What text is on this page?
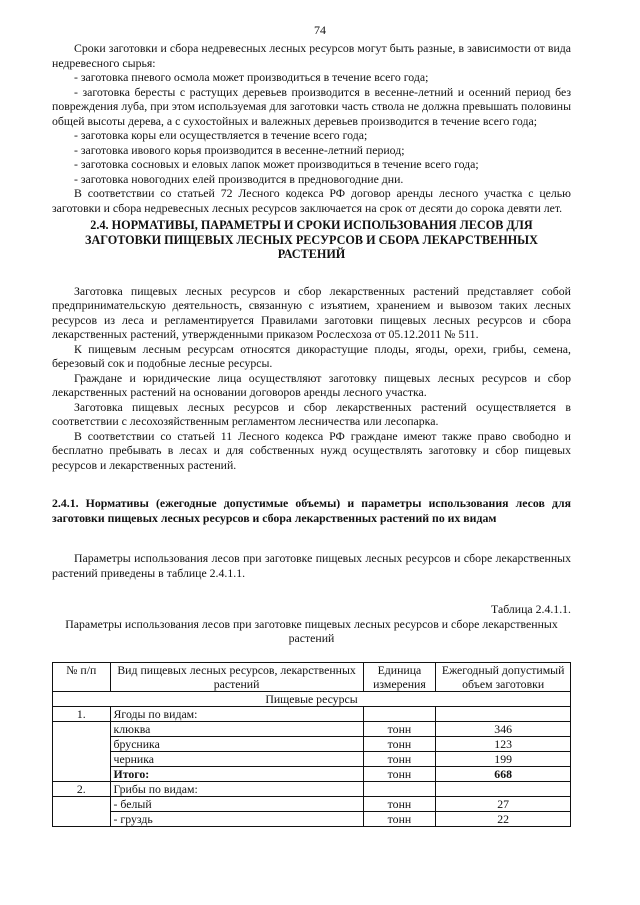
74

Сроки заготовки и сбора недревесных лесных ресурсов могут быть разные, в зависимости от вида недревесного сырья:

- заготовка пневого осмола может производиться в течение всего года;

- заготовка бересты с растущих деревьев производится в весенне-летний и осенний период без повреждения луба, при этом используемая для заготовки часть ствола не должна превышать половины общей высоты дерева, а с сухостойных и валежных деревьев производится в течение всего года;

- заготовка коры ели осуществляется в течение всего года;

- заготовка ивового корья производится в весенне-летний период;

- заготовка сосновых и еловых лапок может производиться в течение всего года;

- заготовка новогодних елей производится в предновогодние дни.

В соответствии со статьей 72 Лесного кодекса РФ договор аренды лесного участка с целью заготовки и сбора недревесных лесных ресурсов заключается на срок от десяти до сорока девяти лет.

2.4. НОРМАТИВЫ, ПАРАМЕТРЫ И СРОКИ ИСПОЛЬЗОВАНИЯ ЛЕСОВ ДЛЯ ЗАГОТОВКИ ПИЩЕВЫХ ЛЕСНЫХ РЕСУРСОВ И СБОРА ЛЕКАРСТВЕННЫХ РАСТЕНИЙ

Заготовка пищевых лесных ресурсов и сбор лекарственных растений представляет собой предпринимательскую деятельность, связанную с изъятием, хранением и вывозом таких лесных ресурсов из леса и регламентируется Правилами заготовки пищевых лесных ресурсов и сбора лекарственных растений, утвержденными приказом Рослесхоза от 05.12.2011 № 511.

К пищевым лесным ресурсам относятся дикорастущие плоды, ягоды, орехи, грибы, семена, березовый сок и подобные лесные ресурсы.

Граждане и юридические лица осуществляют заготовку пищевых лесных ресурсов и сбор лекарственных растений на основании договоров аренды лесного участка.

Заготовка пищевых лесных ресурсов и сбор лекарственных растений осуществляется в соответствии с лесохозяйственным регламентом лесничества или лесопарка.

В соответствии со статьей 11 Лесного кодекса РФ граждане имеют также право свободно и бесплатно пребывать в лесах и для собственных нужд осуществлять заготовку и сбор пищевых ресурсов и лекарственных растений.

2.4.1. Нормативы (ежегодные допустимые объемы) и параметры использования лесов для заготовки пищевых лесных ресурсов и сбора лекарственных растений по их видам

Параметры использования лесов при заготовке пищевых лесных ресурсов и сборе лекарственных растений приведены в таблице 2.4.1.1.

Таблица 2.4.1.1.

Параметры использования лесов при заготовке пищевых лесных ресурсов и сборе лекарственных растений

№ п/п	Вид пищевых лесных ресурсов, лекарственных растений	Единица измерения	Ежегодный допустимый объем заготовки
Пищевые ресурсы			
1.	Ягоды по видам:		
	клюква	тонн	346
	брусника	тонн	123
	черника	тонн	199
	Итого:	тонн	668
2.	Грибы по видам:		
	- белый	тонн	27
	- груздь	тонн	22
